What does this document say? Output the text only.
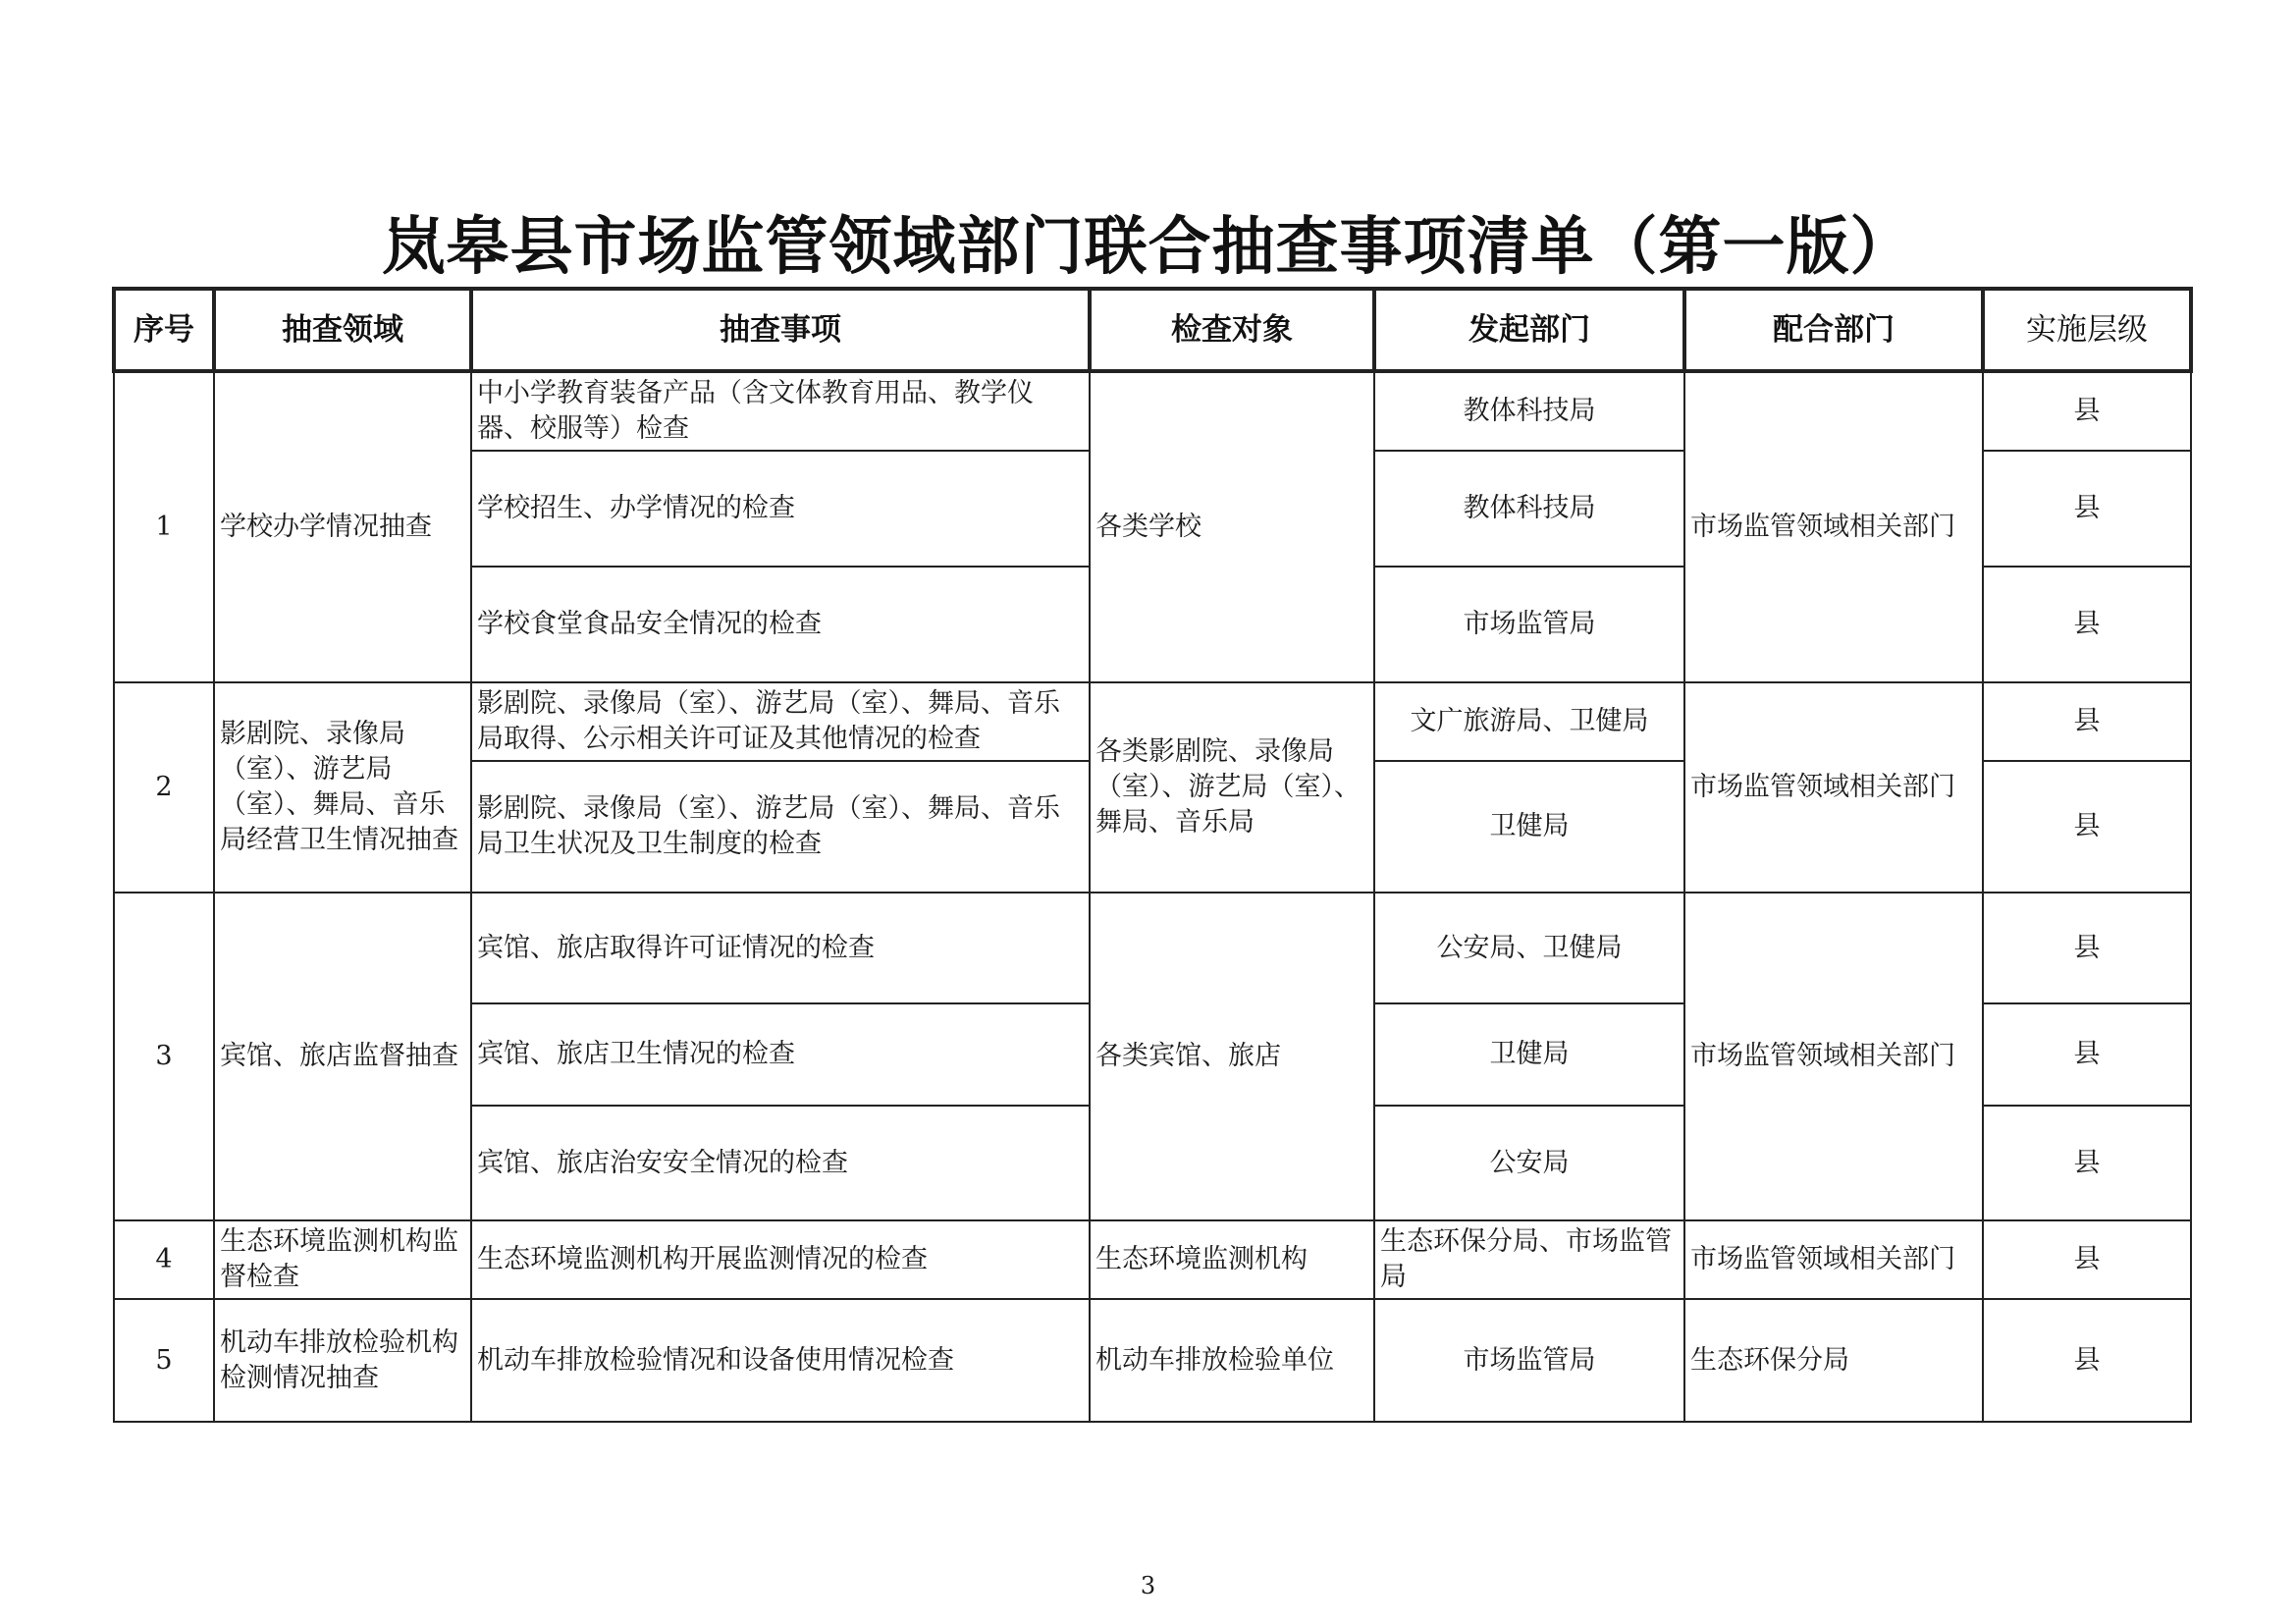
岚皋县市场监管领域部门联合抽查事项清单（第一版）
序号	抽查领域	抽查事项	检查对象	发起部门	配合部门	实施层级
1	学校办学情况抽查	中小学教育装备产品（含文体教育用品、教学仪器、校服等）检查	各类学校	教体科技局	市场监管领域相关部门	县
		学校招生、办学情况的检查		教体科技局		县
		学校食堂食品安全情况的检查		市场监管局		县
2	影剧院、录像局（室）、游艺局（室）、舞局、音乐局经营卫生情况抽查	影剧院、录像局（室）、游艺局（室）、舞局、音乐局取得、公示相关许可证及其他情况的检查	各类影剧院、录像局（室）、游艺局（室）、舞局、音乐局	文广旅游局、卫健局	市场监管领域相关部门	县
		影剧院、录像局（室）、游艺局（室）、舞局、音乐局卫生状况及卫生制度的检查		卫健局		县
3	宾馆、旅店监督抽查	宾馆、旅店取得许可证情况的检查	各类宾馆、旅店	公安局、卫健局	市场监管领域相关部门	县
		宾馆、旅店卫生情况的检查		卫健局		县
		宾馆、旅店治安安全情况的检查		公安局		县
4	生态环境监测机构监督检查	生态环境监测机构开展监测情况的检查	生态环境监测机构	生态环保分局、市场监管局	市场监管领域相关部门	县
5	机动车排放检验机构检测情况抽查	机动车排放检验情况和设备使用情况检查	机动车排放检验单位	市场监管局	生态环保分局	县
3
